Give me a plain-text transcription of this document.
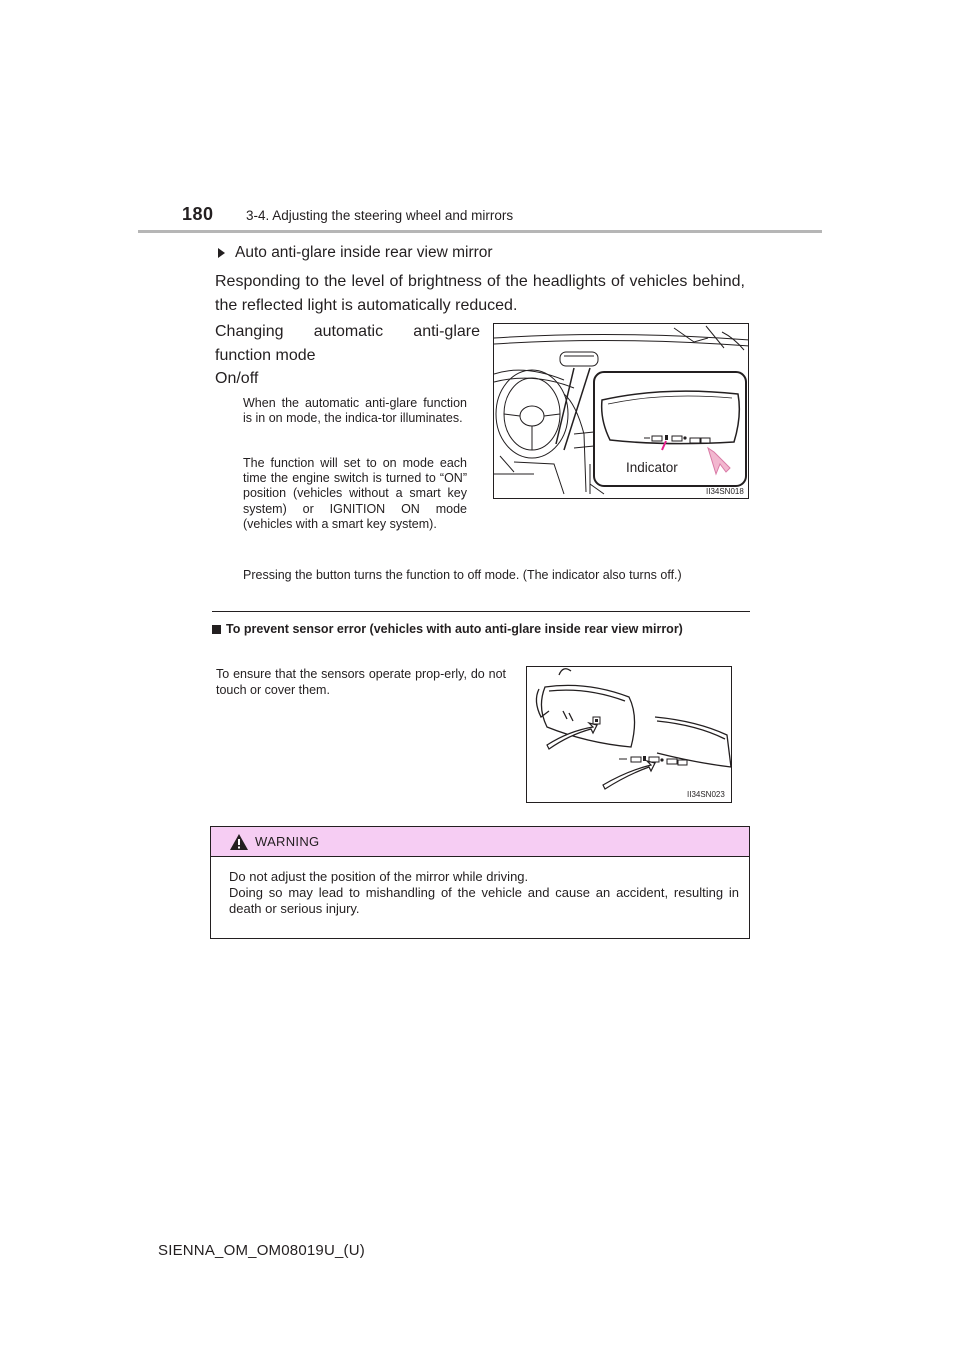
180 3-4. Adjusting the steering wheel and mirrors
Auto anti-glare inside rear view mirror

Responding to the level of brightness of the headlights of vehicles behind, the reflected light is automatically reduced.

Changing automatic anti-glare function mode

On/off

When the automatic anti-glare function is in on mode, the indica-tor illuminates.

The function will set to on mode each time the engine switch is turned to “ON” position (vehicles without a smart key system) or IGNITION ON mode (vehicles with a smart key system).

Pressing the button turns the function to off mode. (The indicator also turns off.)

Indicator
II34SN018
To prevent sensor error (vehicles with auto anti-glare inside rear view mirror)

To ensure that the sensors operate prop-erly, do not touch or cover them.

II34SN023
WARNING

Do not adjust the position of the mirror while driving.

Doing so may lead to mishandling of the vehicle and cause an accident, resulting in death or serious injury.

SIENNA_OM_OM08019U_(U)
